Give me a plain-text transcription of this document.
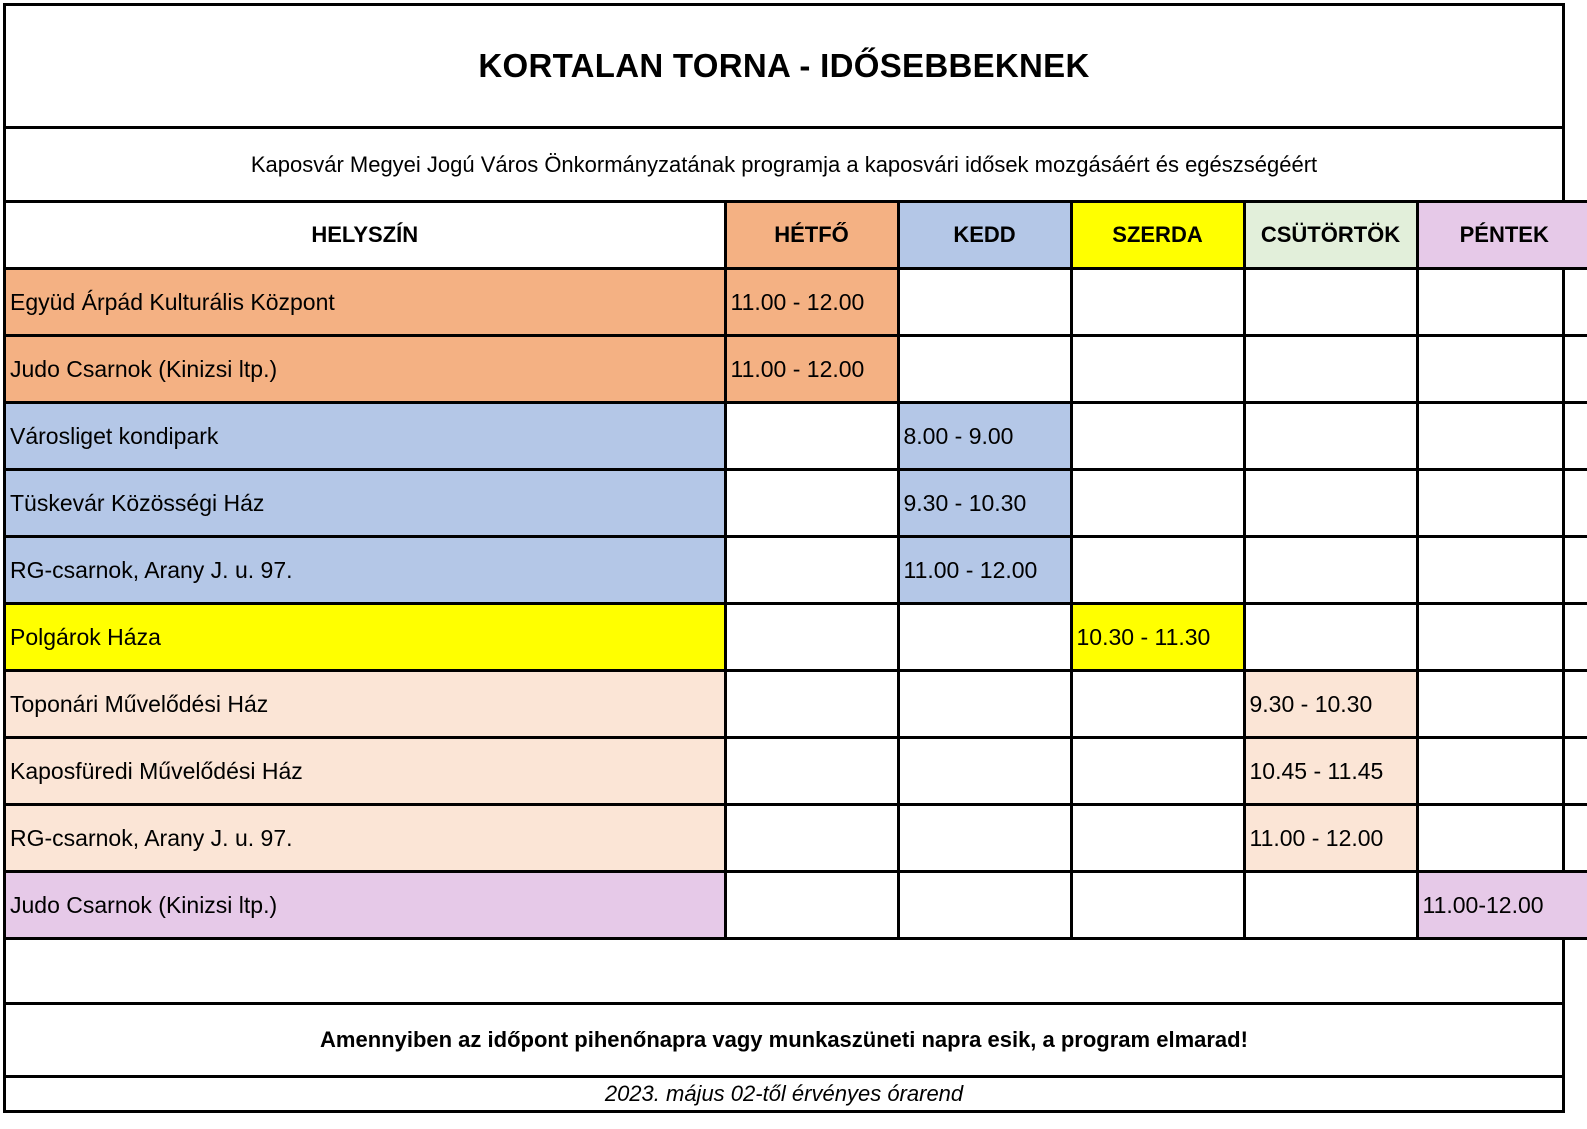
KORTALAN TORNA - IDŐSEBBEKNEK
Kaposvár Megyei Jogú Város Önkormányzatának programja a kaposvári idősek mozgásáért és egészségéért
HELYSZÍN	HÉTFŐ	KEDD	SZERDA	CSÜTÖRTÖK	PÉNTEK
Együd Árpád Kulturális Központ	11.00 - 12.00				
Judo Csarnok (Kinizsi ltp.)	11.00 - 12.00				
Városliget kondipark		8.00 - 9.00			
Tüskevár Közösségi Ház		9.30 - 10.30			
RG-csarnok, Arany J. u. 97.		11.00 - 12.00			
Polgárok Háza			10.30 - 11.30		
Toponári Művelődési Ház				9.30 - 10.30	
Kaposfüredi Művelődési Ház				10.45 - 11.45	
RG-csarnok, Arany J. u. 97.				11.00 - 12.00	
Judo Csarnok (Kinizsi ltp.)					11.00-12.00
Amennyiben az időpont pihenőnapra vagy munkaszüneti napra esik, a program elmarad!
2023. május 02-től érvényes órarend
